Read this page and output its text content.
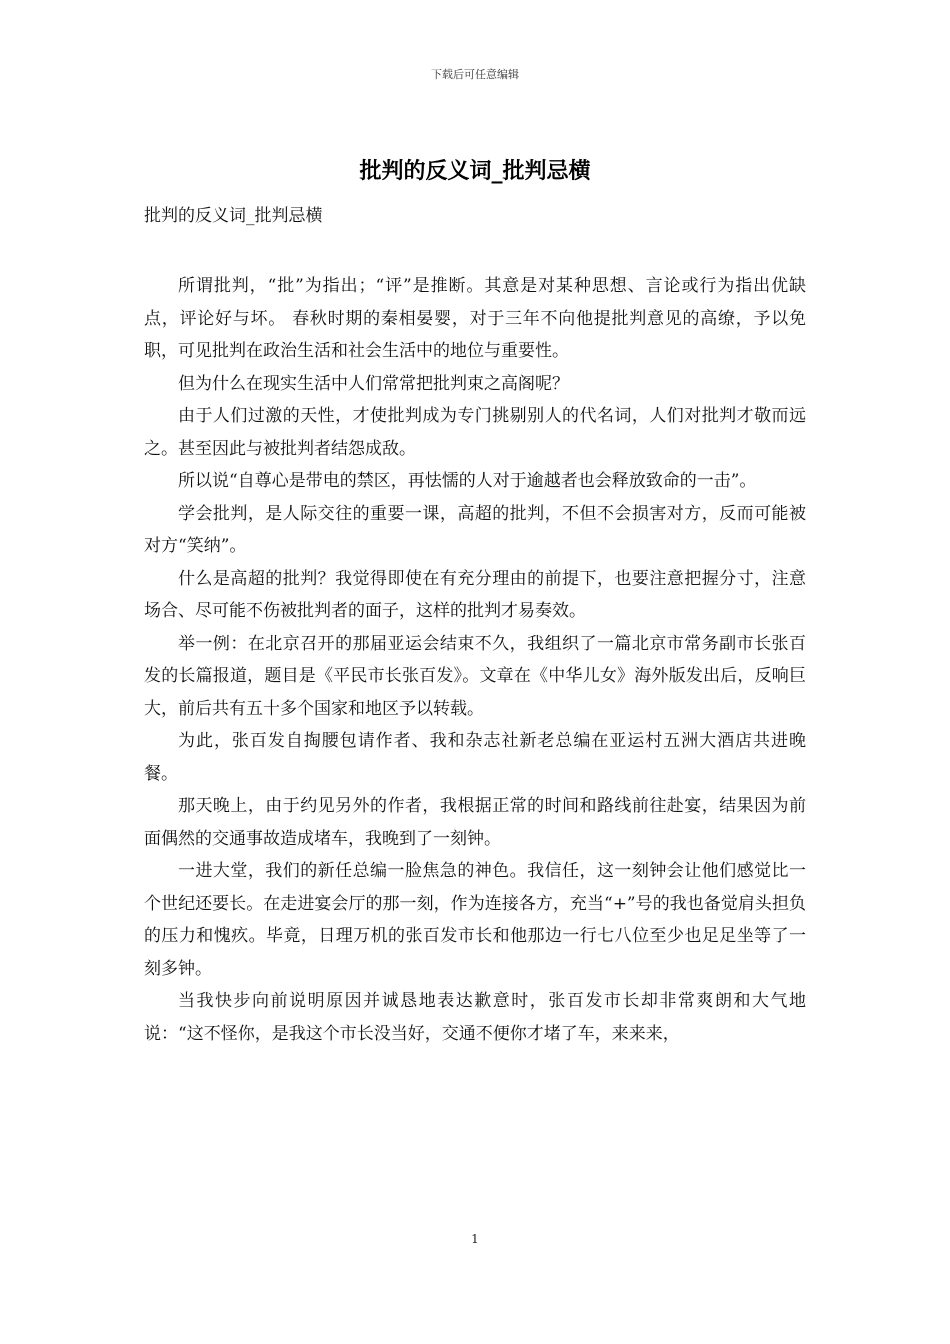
下载后可任意编辑
批判的反义词_批判忌横
批判的反义词_批判忌横

所谓批判，“批”为指出；“评”是推断。其意是对某种思想、言论或行为指出优缺点，评论好与坏。 春秋时期的秦相晏婴，对于三年不向他提批判意见的高缭，予以免职，可见批判在政治生活和社会生活中的地位与重要性。

但为什么在现实生活中人们常常把批判束之高阁呢？

由于人们过激的天性，才使批判成为专门挑剔别人的代名词，人们对批判才敬而远之。甚至因此与被批判者结怨成敌。

所以说“自尊心是带电的禁区，再怯懦的人对于逾越者也会释放致命的一击”。

学会批判，是人际交往的重要一课，高超的批判，不但不会损害对方，反而可能被对方“笑纳”。

什么是高超的批判？我觉得即使在有充分理由的前提下，也要注意把握分寸，注意场合、尽可能不伤被批判者的面子，这样的批判才易奏效。

举一例：在北京召开的那届亚运会结束不久，我组织了一篇北京市常务副市长张百发的长篇报道，题目是《平民市长张百发》。文章在《中华儿女》海外版发出后，反响巨大，前后共有五十多个国家和地区予以转载。

为此，张百发自掏腰包请作者、我和杂志社新老总编在亚运村五洲大酒店共进晚餐。

那天晚上，由于约见另外的作者，我根据正常的时间和路线前往赴宴，结果因为前面偶然的交通事故造成堵车，我晚到了一刻钟。

一进大堂，我们的新任总编一脸焦急的神色。我信任，这一刻钟会让他们感觉比一个世纪还要长。在走进宴会厅的那一刻，作为连接各方，充当“+”号的我也备觉肩头担负的压力和愧疚。毕竟，日理万机的张百发市长和他那边一行七八位至少也足足坐等了一刻多钟。

当我快步向前说明原因并诚恳地表达歉意时，张百发市长却非常爽朗和大气地说：“这不怪你，是我这个市长没当好，交通不便你才堵了车，来来来，

1
